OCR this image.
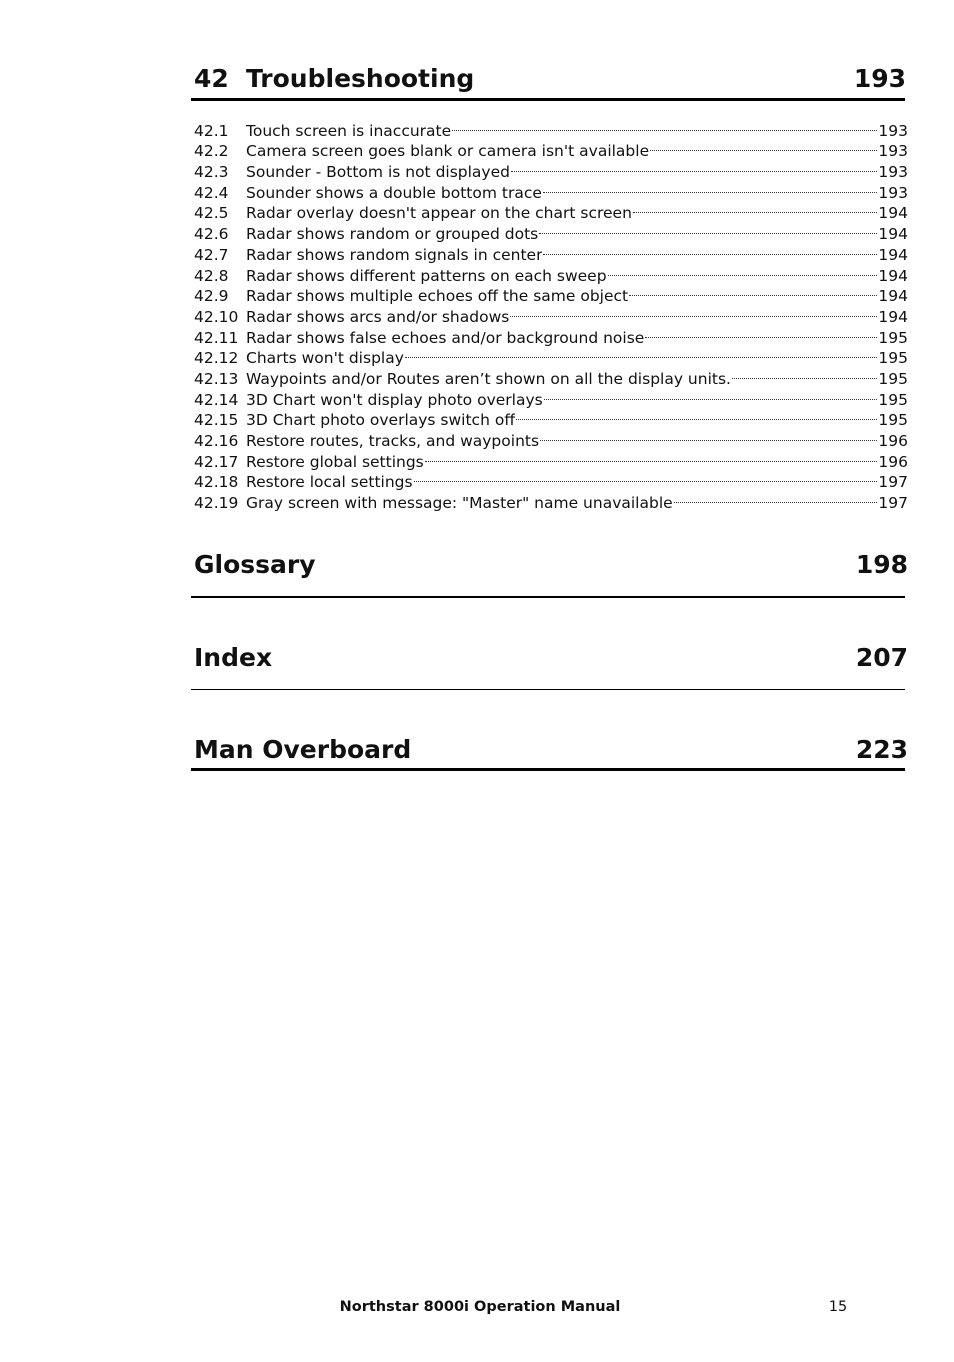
42 Troubleshooting	193
42.1	Touch screen is inaccurate	193
42.2	Camera screen goes blank or camera isn't available	193
42.3	Sounder - Bottom is not displayed	193
42.4	Sounder shows a double bottom trace	193
42.5	Radar overlay doesn't appear on the chart screen	194
42.6	Radar shows random or grouped dots	194
42.7	Radar shows random signals in center	194
42.8	Radar shows different patterns on each sweep	194
42.9	Radar shows multiple echoes off the same object	194
42.10 Radar shows arcs and/or shadows	194
42.11 Radar shows false echoes and/or background noise	195
42.12 Charts won't display	195
42.13 Waypoints and/or Routes aren’t shown on all the display units.	195
42.14 3D Chart won't display photo overlays	195
42.15 3D Chart photo overlays switch off	195
42.16 Restore routes, tracks, and waypoints	196
42.17 Restore global settings	196
42.18 Restore local settings	197
42.19 Gray screen with message: "Master" name unavailable	197
Glossary	198
Index	207
Man Overboard	223
Northstar 8000i Operation Manual	15
